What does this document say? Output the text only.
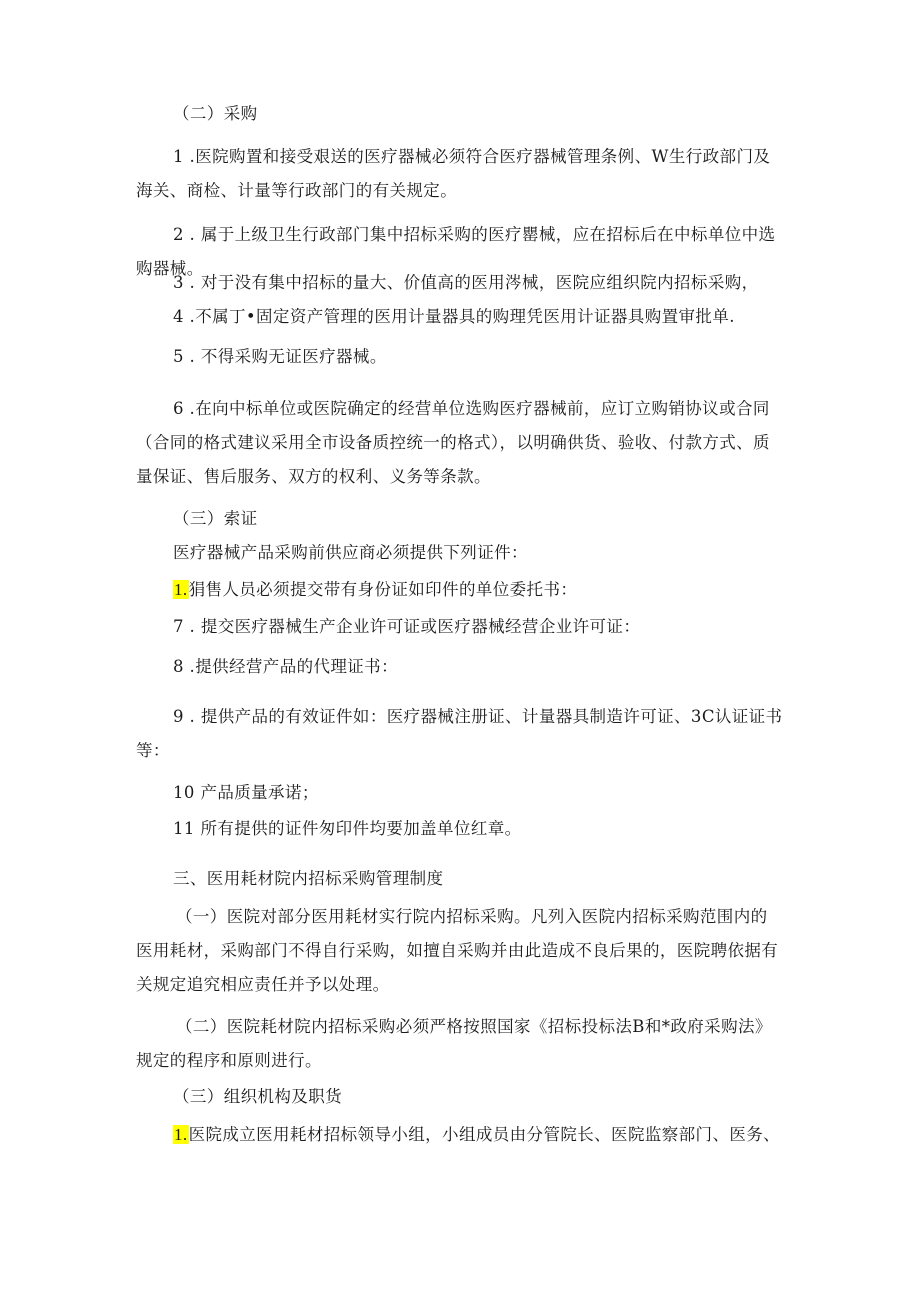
（二）采购

1 .医院购置和接受艰送的医疗器械必须符合医疗器械管理条例、W生行政部门及海关、商检、计量等行政部门的有关规定。

2 . 属于上级卫生行政部门集中招标采购的医疗罌械，应在招标后在中标单位中选购器械。

3 . 对于没有集中招标的量大、价值高的医用涔械，医院应组织院内招标采购，

4 .不属丁•固定资产管理的医用计量器具的购理凭医用计证器具购置审批单.

5 . 不得采购无证医疗器械。

6 .在向中标单位或医院确定的经营单位选购医疗器械前，应订立购销协议或合同（合同的格式建议采用全市设备质控统一的格式），以明确供货、验收、付款方式、质量保证、售后服务、双方的权利、义务等条款。

（三）索证

医疗器械产品采购前供应商必须提供下列证件：

1.狷售人员必须提交带有身份证如印件的单位委托书：

7 . 提交医疗器械生产企业许可证或医疗器械经营企业许可证：

8 .提供经营产品的代理证书：

9 . 提供产品的有效证件如：医疗器械注册证、计量器具制造许可证、3C认证证书等：

10 产品质量承诺；

11 所有提供的证件匆印件均要加盖单位红章。

三、医用耗材院内招标采购管理制度

（一）医院对部分医用耗材实行院内招标采购。凡列入医院内招标采购范围内的医用耗材，采购部门不得自行采购，如擅自采购并由此造成不良后果的，医院聘依据有关规定追究相应责任并予以处理。

（二）医院耗材院内招标采购必须严格按照国家《招标投标法B和*政府采购法》规定的程序和原则进行。

（三）组织机构及职货

1.医院成立医用耗材招标领导小组，小组成员由分管院长、医院监察部门、医务、
